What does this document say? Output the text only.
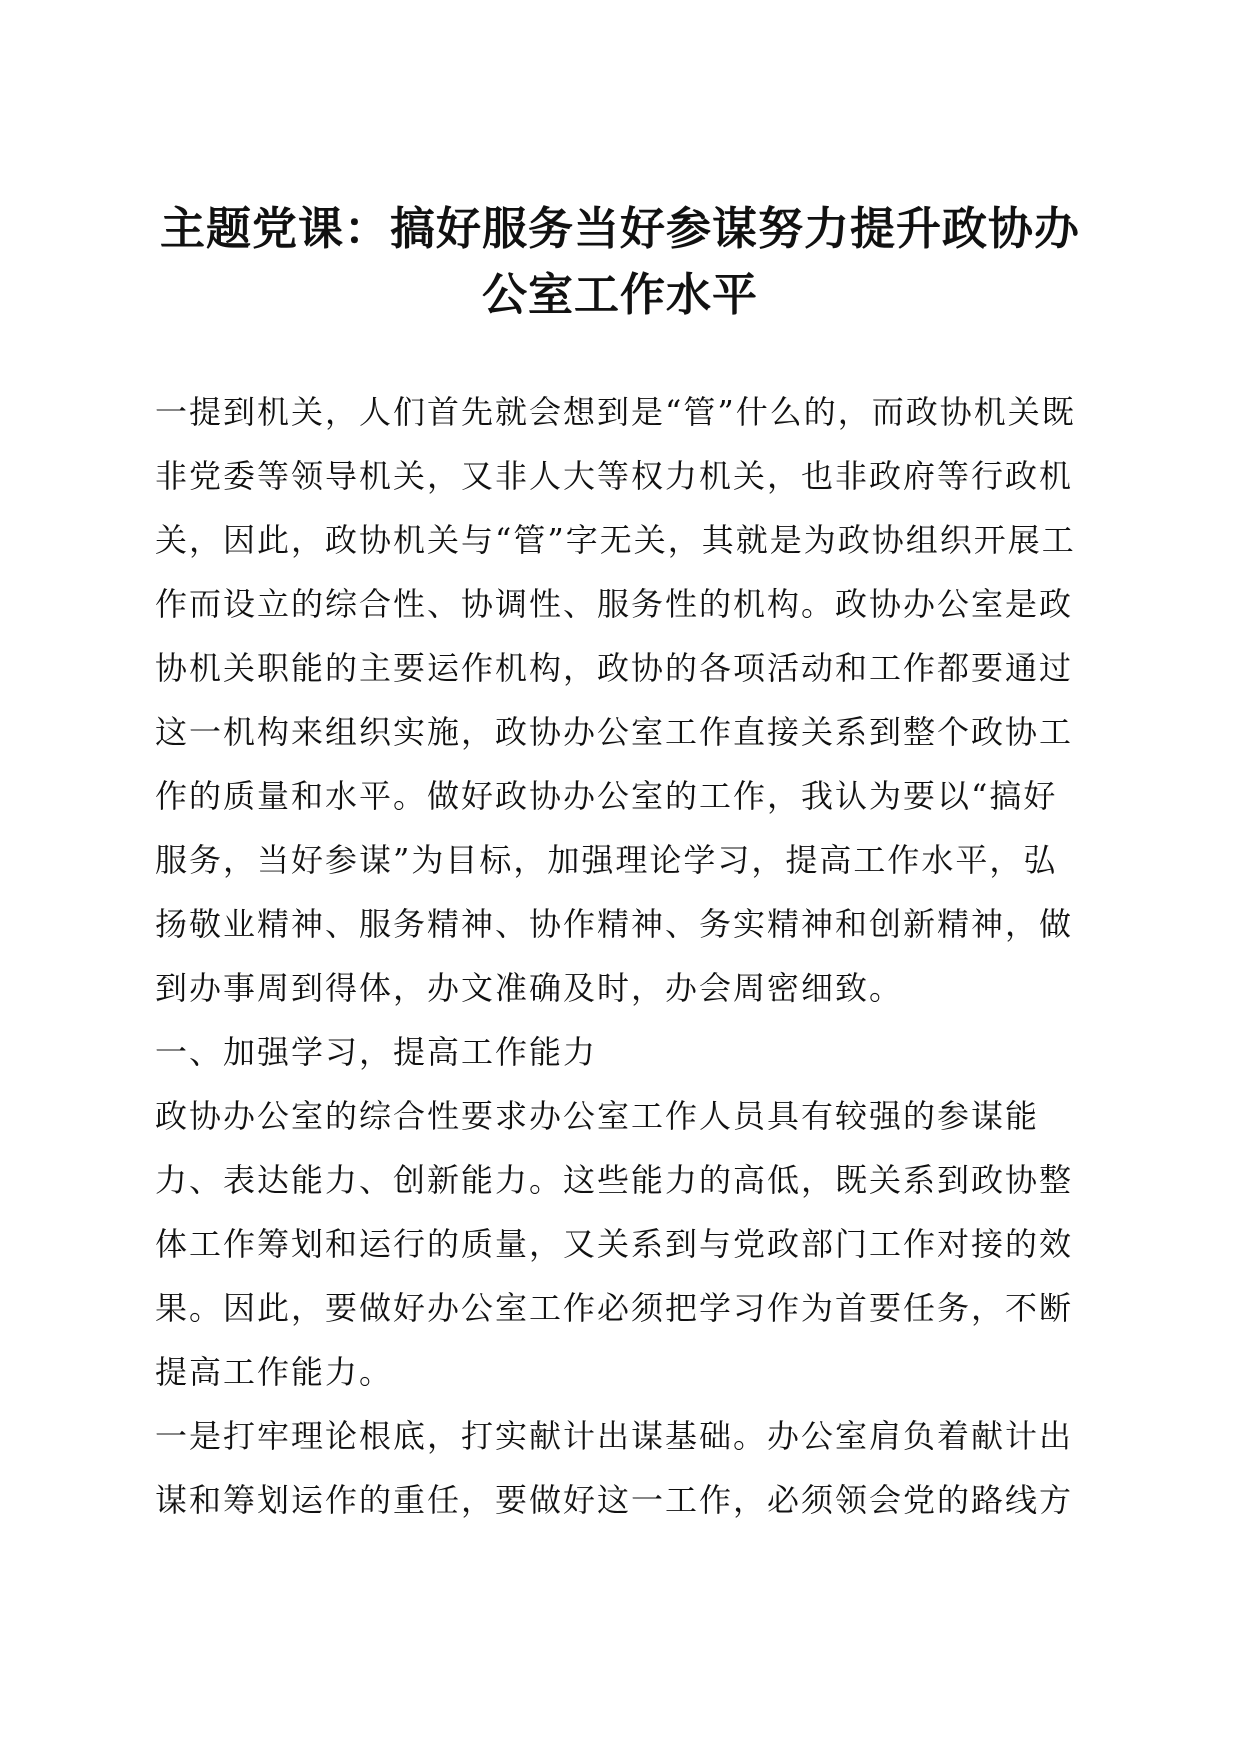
主题党课：搞好服务当好参谋努力提升政协办
公室工作水平

一提到机关，人们首先就会想到是“管”什么的，而政协机关既非党委等领导机关，又非人大等权力机关，也非政府等行政机关，因此，政协机关与“管”字无关，其就是为政协组织开展工作而设立的综合性、协调性、服务性的机构。政协办公室是政协机关职能的主要运作机构，政协的各项活动和工作都要通过这一机构来组织实施，政协办公室工作直接关系到整个政协工作的质量和水平。做好政协办公室的工作，我认为要以“搞好服务，当好参谋”为目标，加强理论学习，提高工作水平，弘扬敬业精神、服务精神、协作精神、务实精神和创新精神，做到办事周到得体，办文准确及时，办会周密细致。

一、加强学习，提高工作能力

政协办公室的综合性要求办公室工作人员具有较强的参谋能力、表达能力、创新能力。这些能力的高低，既关系到政协整体工作筹划和运行的质量，又关系到与党政部门工作对接的效果。因此，要做好办公室工作必须把学习作为首要任务，不断提高工作能力。

一是打牢理论根底，打实献计出谋基础。办公室肩负着献计出谋和筹划运作的重任，要做好这一工作，必须领会党的路线方
